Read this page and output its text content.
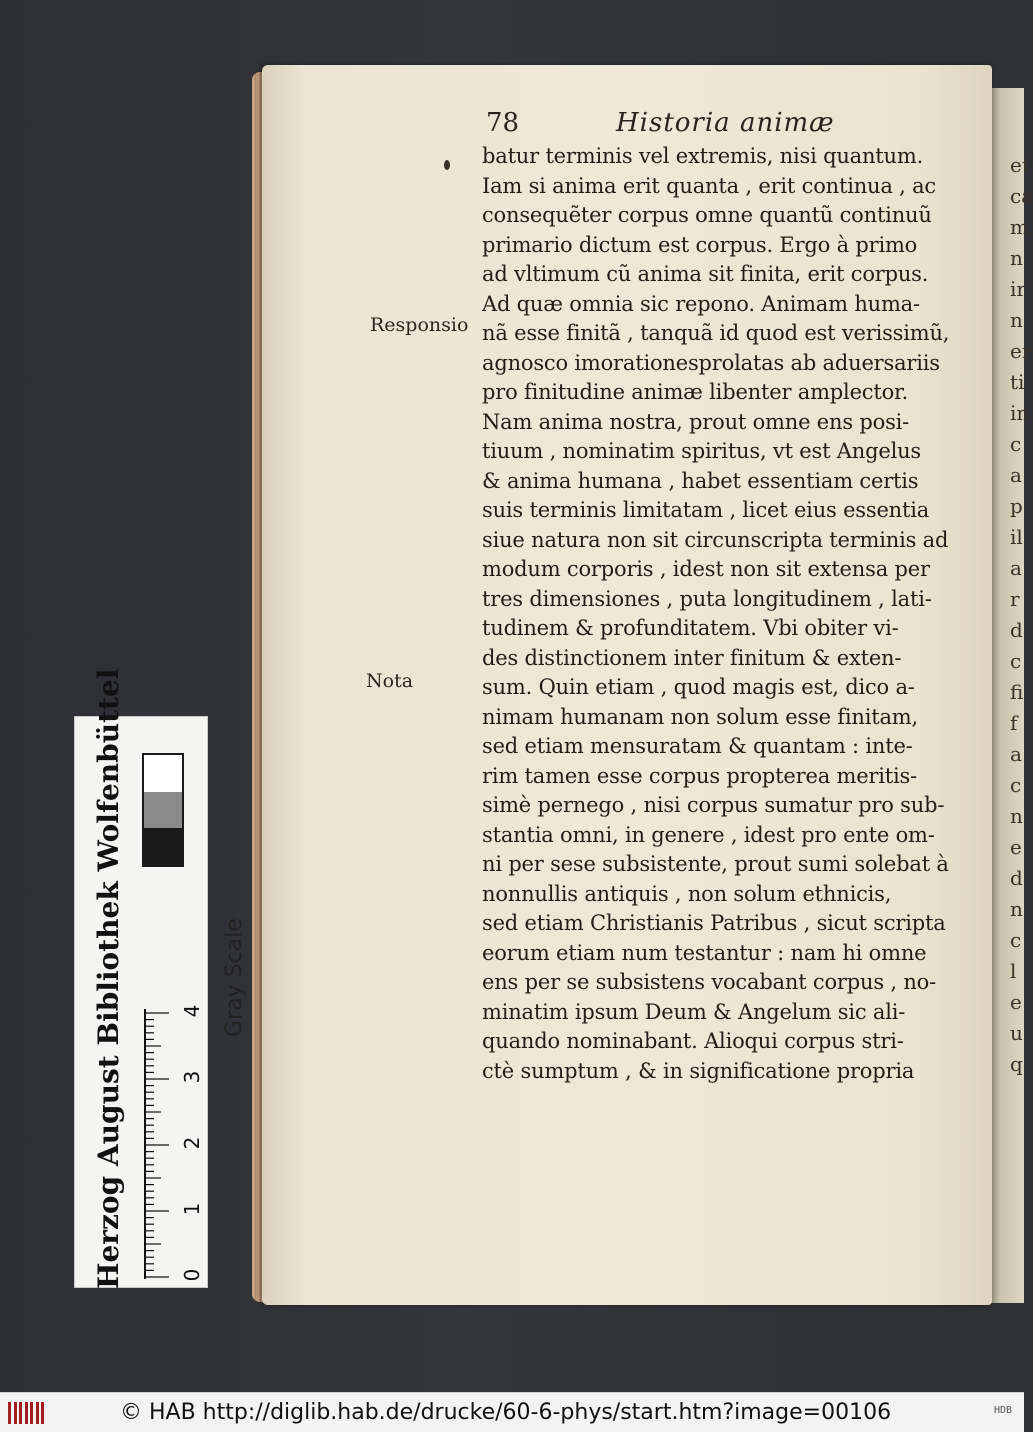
et
ca
m
n
ir
n
er
ti
in
c
a
p
il
a
r
d
c
fi
f
a
c
n
e
d
n
c
l
e
u
q
78	Historia animæ
Responsio
Nota
batur terminis vel extremis, nisi quantum.
Iam si anima erit quanta , erit continua , ac
consequẽter corpus omne quantũ continuũ
primario dictum est corpus. Ergo à primo
ad vltimum cũ anima sit finita, erit corpus.
Ad quæ omnia sic repono. Animam huma-
nã esse finitã , tanquã id quod est verissimũ,
agnosco imorationesprolatas ab aduersariis
pro finitudine animæ libenter amplector.
Nam anima nostra, prout omne ens posi-
tiuum , nominatim spiritus, vt est Angelus
& anima humana , habet essentiam certis
suis terminis limitatam , licet eius essentia
siue natura non sit circunscripta terminis ad
modum corporis , idest non sit extensa per
tres dimensiones , puta longitudinem , lati-
tudinem & profunditatem. Vbi obiter vi-
des distinctionem inter finitum & exten-
sum. Quin etiam , quod magis est, dico a-
nimam humanam non solum esse finitam,
sed etiam mensuratam & quantam : inte-
rim tamen esse corpus propterea meritis-
simè pernego , nisi corpus sumatur pro sub-
stantia omni, in genere , idest pro ente om-
ni per sese subsistente, prout sumi solebat à
nonnullis antiquis , non solum ethnicis,
sed etiam Christianis Patribus , sicut scripta
eorum etiam num testantur : nam hi omne
ens per se subsistens vocabant corpus , no-
minatim ipsum Deum & Angelum sic ali-
quando nominabant. Alioqui corpus stri-
ctè sumptum , & in significatione propria
Herzog August Bibliothek Wolfenbüttel	Gray Scale
0
1
2
3
4
© HAB http://diglib.hab.de/drucke/60-6-phys/start.htm?image=00106	HDB
